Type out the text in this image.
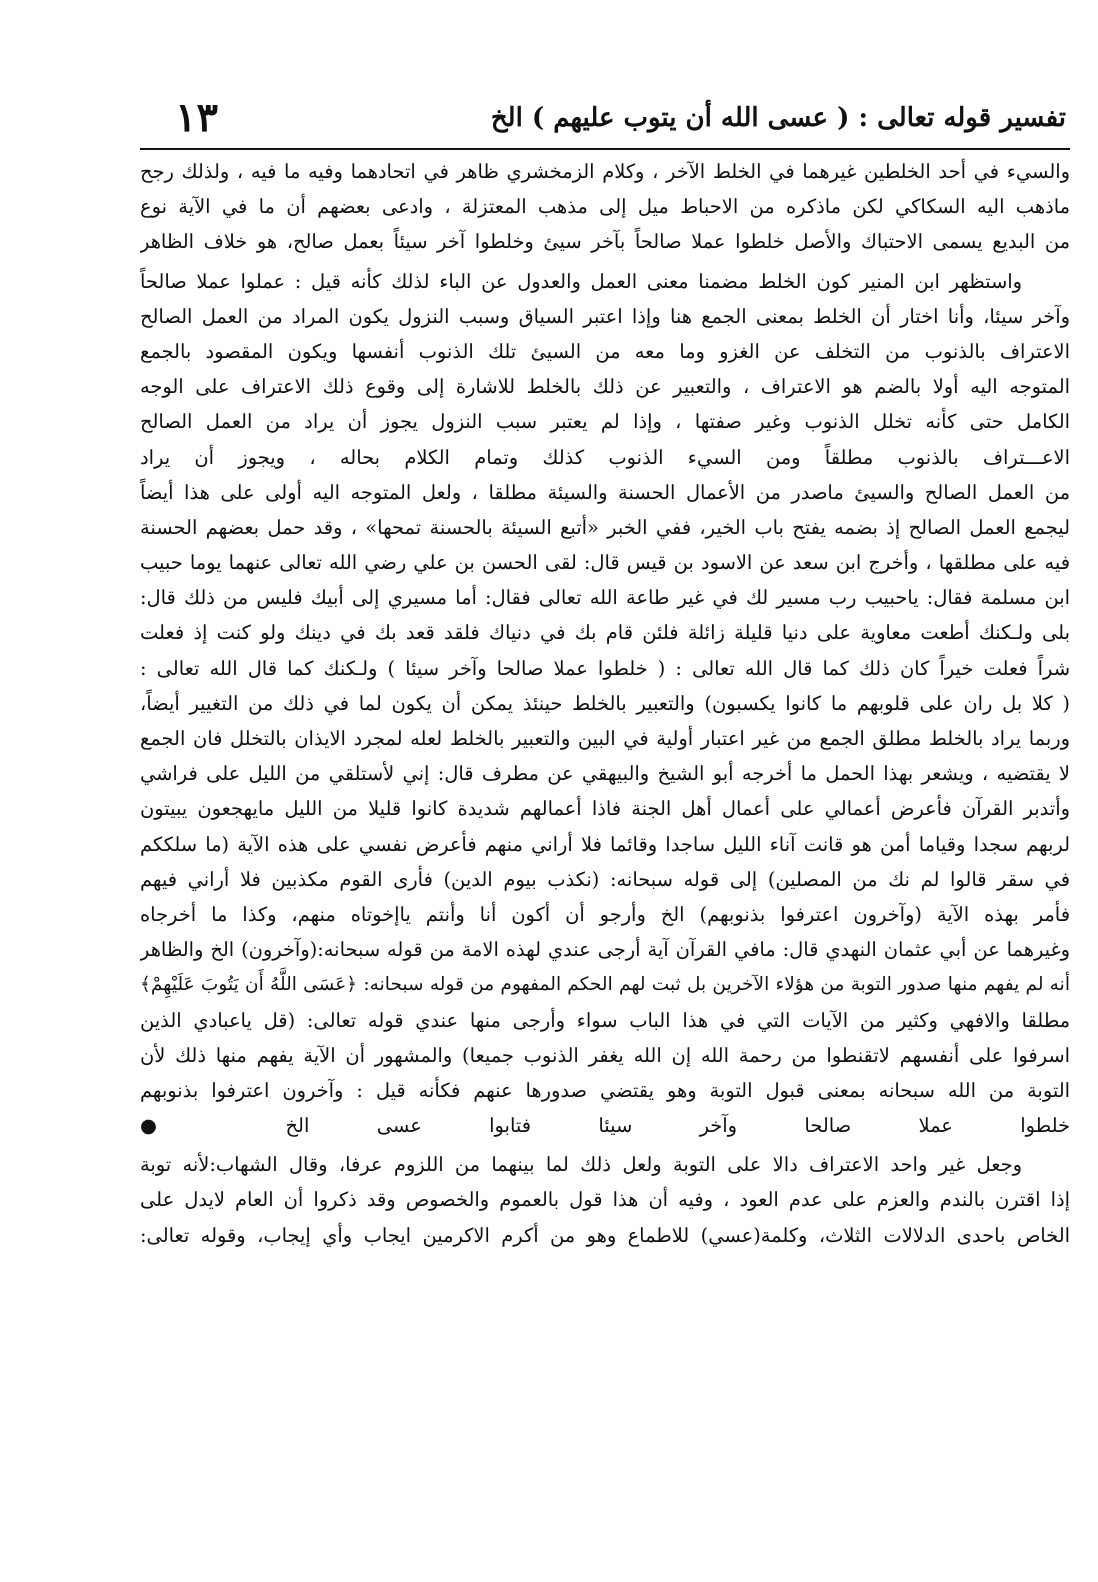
١٣	تفسير قوله تعالى : ( عسى الله أن يتوب عليهم ) الخ
والسيء في أحد الخلطين غيرهما في الخلط الآخر ، وكلام الزمخشري ظاهر في اتحادهما وفيه ما فيه ، ولذلك رجح
ماذهب اليه السكاكي لكن ماذكره من الاحباط ميل إلى مذهب المعتزلة ، وادعى بعضهم أن ما في الآية نوع
من البديع يسمى الاحتباك والأصل خلطوا عملا صالحاً بآخر سيئ وخلطوا آخر سيئاً بعمل صالح، هو خلاف الظاهر
واستظهر ابن المنير كون الخلط مضمنا معنى العمل والعدول عن الباء لذلك كأنه قيل : عملوا عملا صالحاً
وآخر سيئا، وأنا اختار أن الخلط بمعنى الجمع هنا وإذا اعتبر السياق وسبب النزول يكون المراد من العمل الصالح
الاعتراف بالذنوب من التخلف عن الغزو وما معه من السيئ تلك الذنوب أنفسها ويكون المقصود بالجمع
المتوجه اليه أولا بالضم هو الاعتراف ، والتعبير عن ذلك بالخلط للاشارة إلى وقوع ذلك الاعتراف على الوجه
الكامل حتى كأنه تخلل الذنوب وغير صفتها ، وإذا لم يعتبر سبب النزول يجوز أن يراد من العمل الصالح
الاعـــتراف بالذنوب مطلقاً ومن السيء الذنوب كذلك وتمام الكلام بحاله ، ويجوز أن يراد
من العمل الصالح والسيئ ماصدر من الأعمال الحسنة والسيئة مطلقا ، ولعل المتوجه اليه أولى على هذا أيضاً
ليجمع العمل الصالح إذ بضمه يفتح باب الخير، ففي الخبر «أتبع السيئة بالحسنة تمحها» ، وقد حمل بعضهم الحسنة
فيه على مطلقها ، وأخرج ابن سعد عن الاسود بن قيس قال: لقى الحسن بن علي رضي الله تعالى عنهما يوما حبيب
ابن مسلمة فقال: ياحبيب رب مسير لك في غير طاعة الله تعالى فقال: أما مسيري إلى أبيك فليس من ذلك قال:
بلى ولـكنك أطعت معاوية على دنيا قليلة زائلة فلئن قام بك في دنياك فلقد قعد بك في دينك ولو كنت إذ فعلت
شراً فعلت خيراً كان ذلك كما قال الله تعالى : ( خلطوا عملا صالحا وآخر سيئا ) ولـكنك كما قال الله تعالى :
( كلا بل ران على قلوبهم ما كانوا يكسبون) والتعبير بالخلط حينئذ يمكن أن يكون لما في ذلك من التغيير أيضاً،
وربما يراد بالخلط مطلق الجمع من غير اعتبار أولية في البين والتعبير بالخلط لعله لمجرد الايذان بالتخلل فان الجمع
لا يقتضيه ، ويشعر بهذا الحمل ما أخرجه أبو الشيخ والبيهقي عن مطرف قال: إني لأستلقي من الليل على فراشي
وأتدبر القرآن فأعرض أعمالي على أعمال أهل الجنة فاذا أعمالهم شديدة كانوا قليلا من الليل مايهجعون يبيتون
لربهم سجدا وقياما أمن هو قانت آناء الليل ساجدا وقائما فلا أراني منهم فأعرض نفسي على هذه الآية (ما سلككم
في سقر قالوا لم نك من المصلين) إلى قوله سبحانه: (نكذب بيوم الدين) فأرى القوم مكذبين فلا أراني فيهم
فأمر بهذه الآية (وآخرون اعترفوا بذنوبهم) الخ وأرجو أن أكون أنا وأنتم ياإخوتاه منهم، وكذا ما أخرجاه
وغيرهما عن أبي عثمان النهدي قال: مافي القرآن آية أرجى عندي لهذه الامة من قوله سبحانه:(وآخرون) الخ والظاهر
أنه لم يفهم منها صدور التوبة من هؤلاء الآخرين بل ثبت لهم الحكم المفهوم من قوله سبحانه: ﴿عَسَى اللَّهُ أَن يَتُوبَ عَلَيْهِمْ﴾
مطلقا والافهي وكثير من الآيات التي في هذا الباب سواء وأرجى منها عندي قوله تعالى: (قل ياعبادي الذين
اسرفوا على أنفسهم لاتقنطوا من رحمة الله إن الله يغفر الذنوب جميعا) والمشهور أن الآية يفهم منها ذلك لأن
التوبة من الله سبحانه بمعنى قبول التوبة وهو يقتضي صدورها عنهم فكأنه قيل : وآخرون اعترفوا بذنوبهم
خلطوا عملا صالحا وآخر سيئا فتابوا عسى الخ ●
وجعل غير واحد الاعتراف دالا على التوبة ولعل ذلك لما بينهما من اللزوم عرفا، وقال الشهاب:لأنه توبة
إذا اقترن بالندم والعزم على عدم العود ، وفيه أن هذا قول بالعموم والخصوص وقد ذكروا أن العام لايدل على
الخاص باحدى الدلالات الثلاث، وكلمة(عسي) للاطماع وهو من أكرم الاكرمين ايجاب وأي إيجاب، وقوله تعالى:
